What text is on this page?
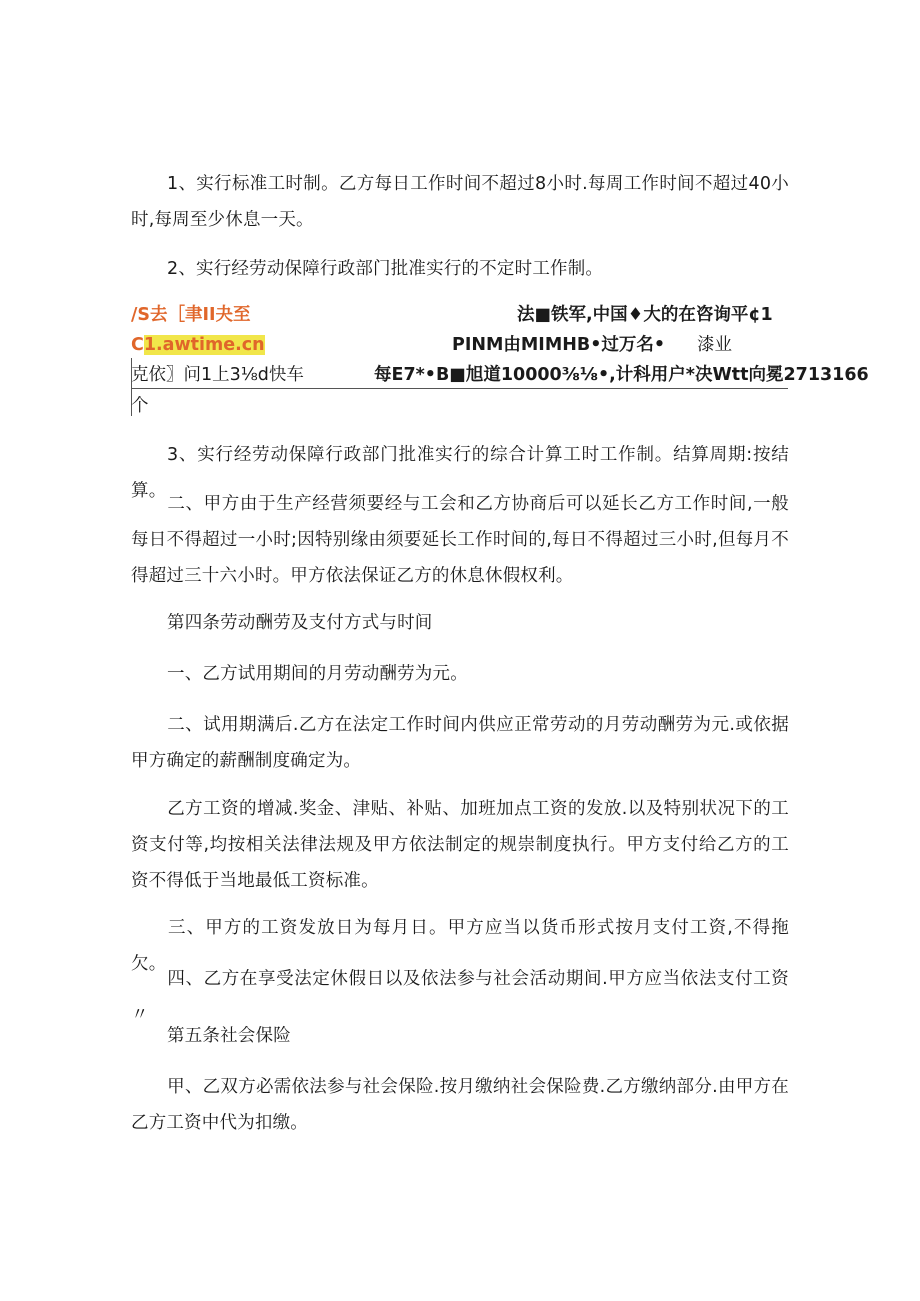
1、实行标准工时制。乙方每日工作时间不超过8小时.每周工作时间不超过40小时,每周至少休息一天。

2、实行经劳动保障行政部门批准实行的不定时工作制。

/S去［聿II夬至	法■铁军,中国♦大的在咨询平¢1
C1.awtime.cn	PINM由MIMHB•过万名• 漆业
克依〗问1上3⅛d快车	每E7*•B■旭道10000⅜⅛•,计科用户*决Wtt向冕2713166
个

3、实行经劳动保障行政部门批准实行的综合计算工时工作制。结算周期:按结算。

二、甲方由于生产经营须要经与工会和乙方协商后可以延长乙方工作时间,一般每日不得超过一小时;因特别缘由须要延长工作时间的,每日不得超过三小时,但每月不得超过三十六小时。甲方依法保证乙方的休息休假权利。

第四条劳动酬劳及支付方式与时间

一、乙方试用期间的月劳动酬劳为元。

二、试用期满后.乙方在法定工作时间内供应正常劳动的月劳动酬劳为元.或依据甲方确定的薪酬制度确定为。

乙方工资的增减.奖金、津贴、补贴、加班加点工资的发放.以及特别状况下的工资支付等,均按相关法律法规及甲方依法制定的规崇制度执行。甲方支付给乙方的工资不得低于当地最低工资标准。

三、甲方的工资发放日为每月日。甲方应当以货币形式按月支付工资,不得拖欠。

四、乙方在享受法定休假日以及依法参与社会活动期间.甲方应当依法支付工资〃

第五条社会保险

甲、乙双方必需依法参与社会保险.按月缴纳社会保险费.乙方缴纳部分.由甲方在乙方工资中代为扣缴。
